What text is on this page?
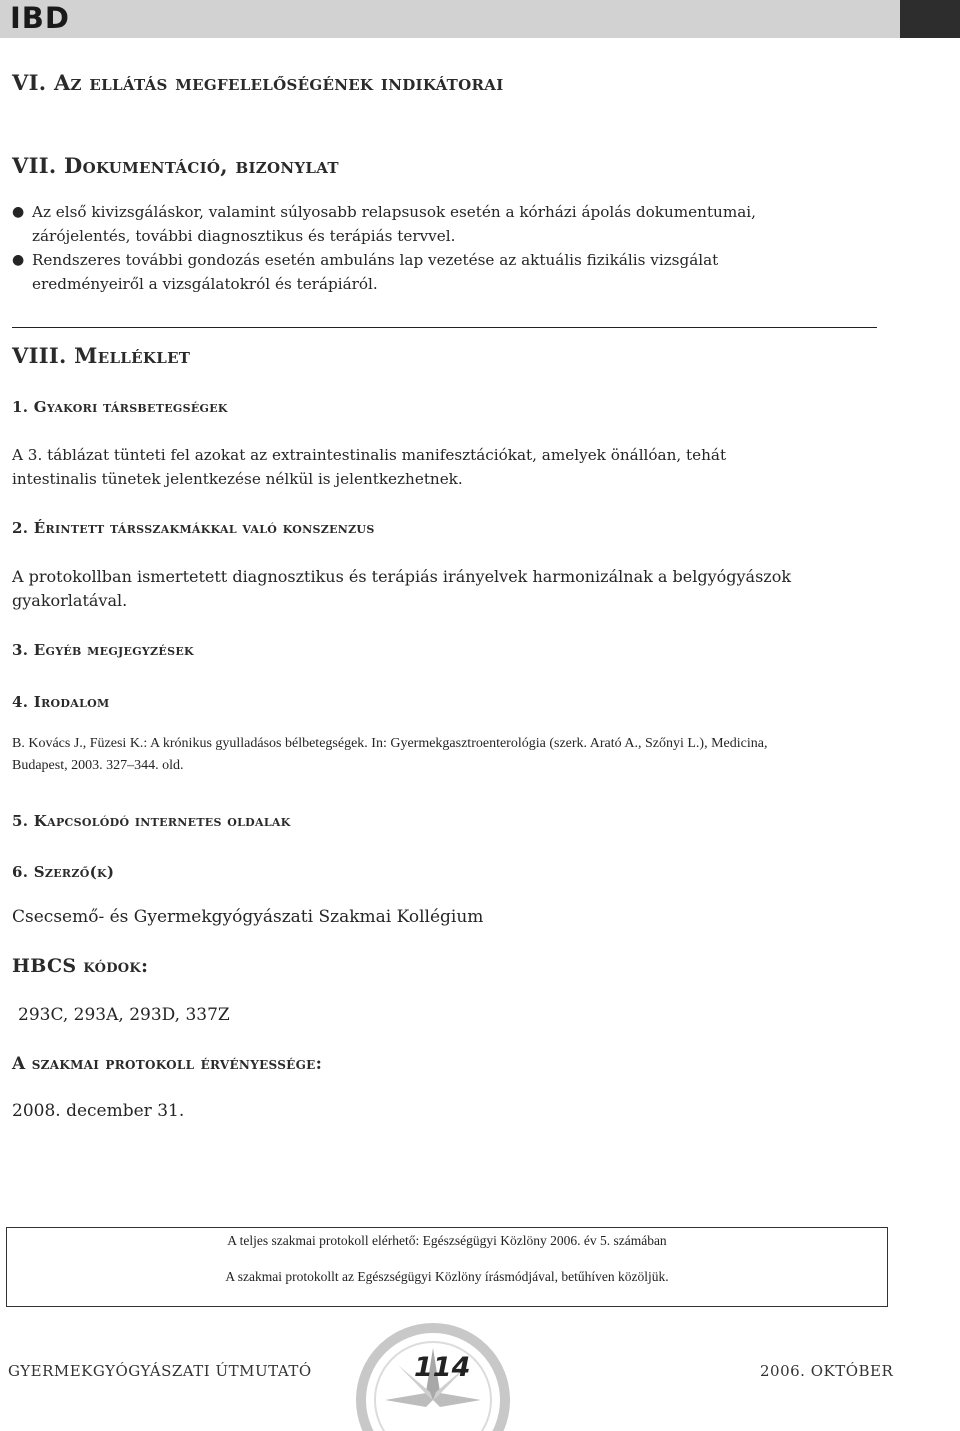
IBD
VI. Az ellátás megfelelőségének indikátorai
VII. Dokumentáció, bizonylat
● Az első kivizsgáláskor, valamint súlyosabb relapsusok esetén a kórházi ápolás dokumentumai,
zárójelentés, további diagnosztikus és terápiás tervvel.
● Rendszeres további gondozás esetén ambuláns lap vezetése az aktuális fizikális vizsgálat
eredményeiről a vizsgálatokról és terápiáról.
VIII. Melléklet
1. Gyakori társbetegségek
A 3. táblázat tünteti fel azokat az extraintestinalis manifesztációkat, amelyek önállóan, tehát
intestinalis tünetek jelentkezése nélkül is jelentkezhetnek.
2. Érintett társszakmákkal való konszenzus
A protokollban ismertetett diagnosztikus és terápiás irányelvek harmonizálnak a belgyógyászok
gyakorlatával.
3. Egyéb megjegyzések
4. Irodalom
B. Kovács J., Füzesi K.: A krónikus gyulladásos bélbetegségek. In: Gyermekgasztroenterológia (szerk. Arató A., Szőnyi L.), Medicina,
Budapest, 2003. 327–344. old.
5. Kapcsolódó internetes oldalak
6. Szerző(k)
Csecsemő- és Gyermekgyógyászati Szakmai Kollégium
HBCS kódok:
293C, 293A, 293D, 337Z
A szakmai protokoll érvényessége:
2008. december 31.
A teljes szakmai protokoll elérhető: Egészségügyi Közlöny 2006. év 5. számában
A szakmai protokollt az Egészségügyi Közlöny írásmódjával, betűhíven közöljük.
GYERMEKGYÓGYÁSZATI ÚTMUTATÓ	114	2006. OKTÓBER
